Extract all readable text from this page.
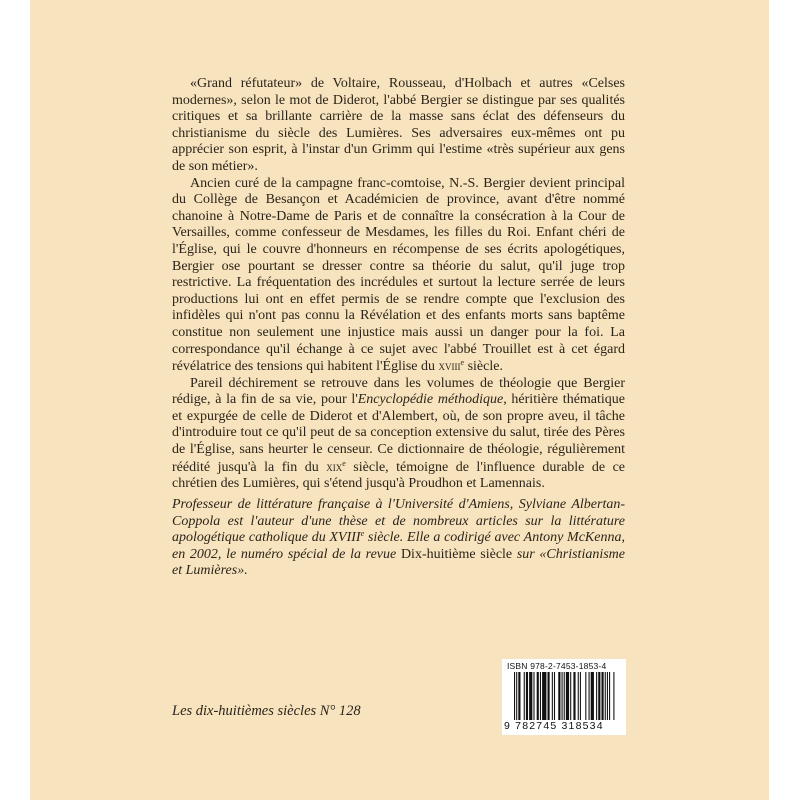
«Grand réfutateur» de Voltaire, Rousseau, d'Holbach et autres «Celses modernes», selon le mot de Diderot, l'abbé Bergier se distingue par ses qualités critiques et sa brillante carrière de la masse sans éclat des défenseurs du christianisme du siècle des Lumières. Ses adversaires eux-mêmes ont pu apprécier son esprit, à l'instar d'un Grimm qui l'estime «très supérieur aux gens de son métier».

Ancien curé de la campagne franc-comtoise, N.-S. Bergier devient principal du Collège de Besançon et Académicien de province, avant d'être nommé chanoine à Notre-Dame de Paris et de connaître la consécration à la Cour de Versailles, comme confesseur de Mesdames, les filles du Roi. Enfant chéri de l'Église, qui le couvre d'honneurs en récompense de ses écrits apologétiques, Bergier ose pourtant se dresser contre sa théorie du salut, qu'il juge trop restrictive. La fréquentation des incrédules et surtout la lecture serrée de leurs productions lui ont en effet permis de se rendre compte que l'exclusion des infidèles qui n'ont pas connu la Révélation et des enfants morts sans baptême constitue non seulement une injustice mais aussi un danger pour la foi. La correspondance qu'il échange à ce sujet avec l'abbé Trouillet est à cet égard révélatrice des tensions qui habitent l'Église du xviii$^e$ siècle.

Pareil déchirement se retrouve dans les volumes de théologie que Bergier rédige, à la fin de sa vie, pour l'Encyclopédie méthodique, héritière thématique et expurgée de celle de Diderot et d'Alembert, où, de son propre aveu, il tâche d'introduire tout ce qu'il peut de sa conception extensive du salut, tirée des Pères de l'Église, sans heurter le censeur. Ce dictionnaire de théologie, régulièrement réédité jusqu'à la fin du xix$^e$ siècle, témoigne de l'influence durable de ce chrétien des Lumières, qui s'étend jusqu'à Proudhon et Lamennais.

Professeur de littérature française à l'Université d'Amiens, Sylviane Albertan-Coppola est l'auteur d'une thèse et de nombreux articles sur la littérature apologétique catholique du XVIIIe siècle. Elle a codirigé avec Antony McKenna, en 2002, le numéro spécial de la revue Dix-huitième siècle sur «Christianisme et Lumières».

Les dix-huitièmes siècles N° 128
ISBN 978-2-7453-1853-4
9 782745 318534
